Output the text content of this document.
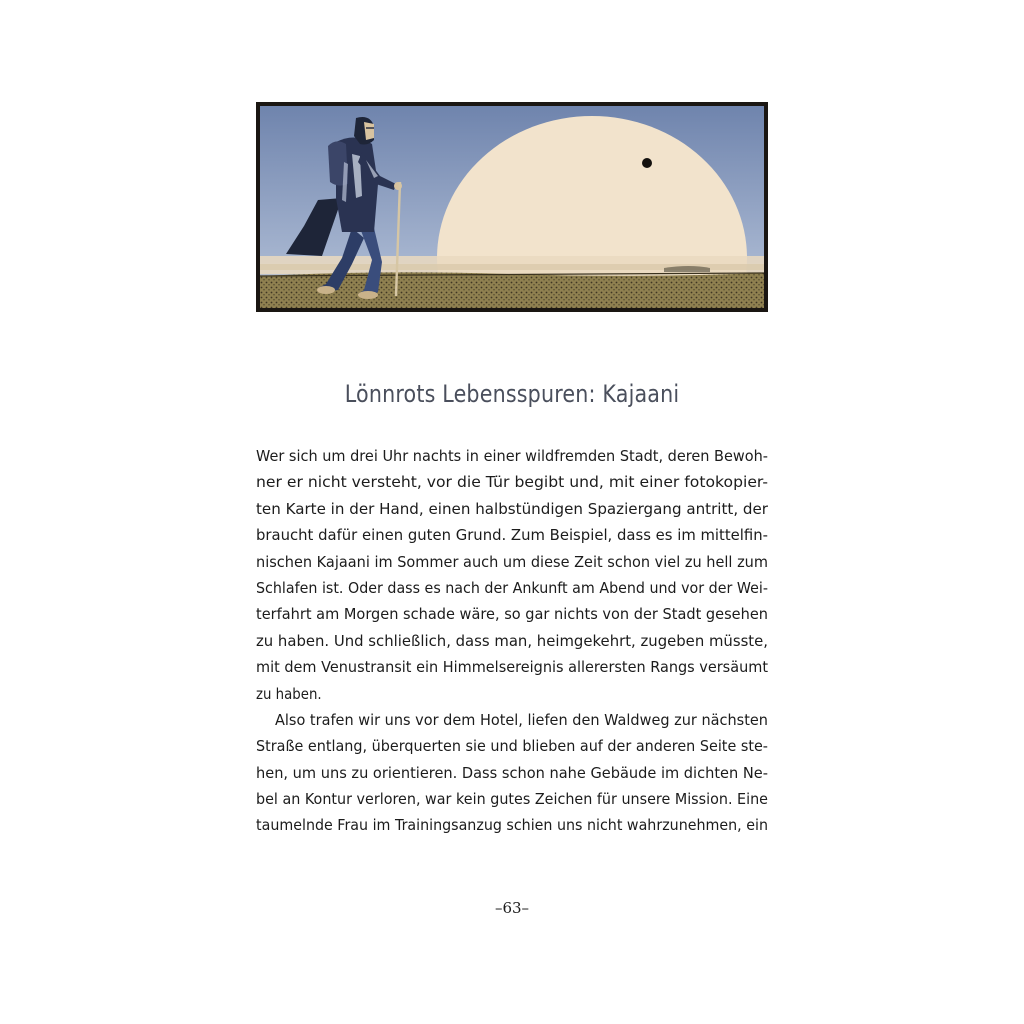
Lönnrots Lebensspuren: Kajaani
Wer sich um drei Uhr nachts in einer wildfremden Stadt, deren Bewoh-
ner er nicht versteht, vor die Tür begibt und, mit einer fotokopier-
ten Karte in der Hand, einen halbstündigen Spaziergang antritt, der
braucht dafür einen guten Grund. Zum Beispiel, dass es im mittelfin-
nischen Kajaani im Sommer auch um diese Zeit schon viel zu hell zum
Schlafen ist. Oder dass es nach der Ankunft am Abend und vor der Wei-
terfahrt am Morgen schade wäre, so gar nichts von der Stadt gesehen
zu haben. Und schließlich, dass man, heimgekehrt, zugeben müsste,
mit dem Venustransit ein Himmelsereignis allerersten Rangs versäumt
zu haben.
Also trafen wir uns vor dem Hotel, liefen den Waldweg zur nächsten
Straße entlang, überquerten sie und blieben auf der anderen Seite ste-
hen, um uns zu orientieren. Dass schon nahe Gebäude im dichten Ne-
bel an Kontur verloren, war kein gutes Zeichen für unsere Mission. Eine
taumelnde Frau im Trainingsanzug schien uns nicht wahrzunehmen, ein
–63–
